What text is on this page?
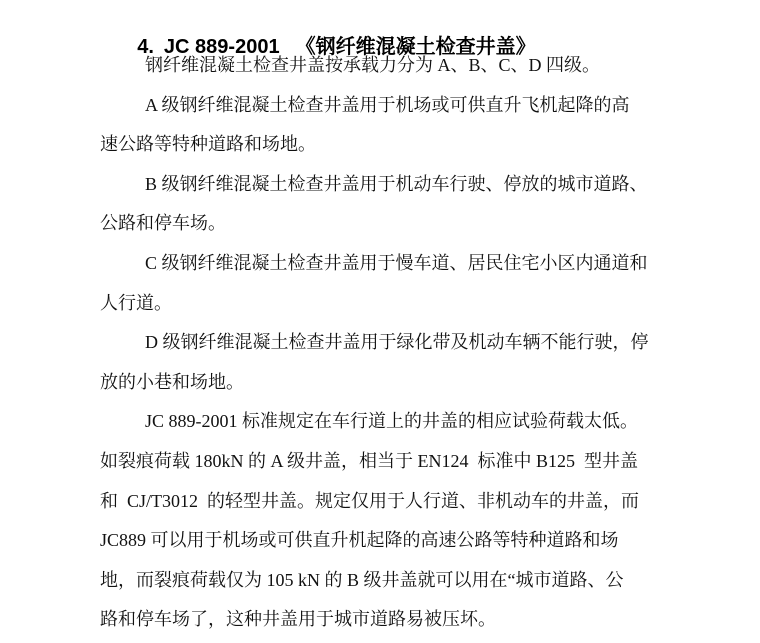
4. JC 889-2001 《钢纤维混凝土检查井盖》

钢纤维混凝土检查井盖按承载力分为 A、B、C、D 四级。
A 级钢纤维混凝土检查井盖用于机场或可供直升飞机起降的高
速公路等特种道路和场地。
B 级钢纤维混凝土检查井盖用于机动车行驶、停放的城市道路、
公路和停车场。
C 级钢纤维混凝土检查井盖用于慢车道、居民住宅小区内通道和
人行道。
D 级钢纤维混凝土检查井盖用于绿化带及机动车辆不能行驶，停
放的小巷和场地。
JC 889-2001 标准规定在车行道上的井盖的相应试验荷载太低。
如裂痕荷载 180kN 的 A 级井盖，相当于 EN124  标准中 B125  型井盖
和  CJ/T3012  的轻型井盖。规定仅用于人行道、非机动车的井盖，而
JC889 可以用于机场或可供直升机起降的高速公路等特种道路和场
地，而裂痕荷载仅为 105 kN 的 B 级井盖就可以用在“城市道路、公
路和停车场了，这种井盖用于城市道路易被压坏。
